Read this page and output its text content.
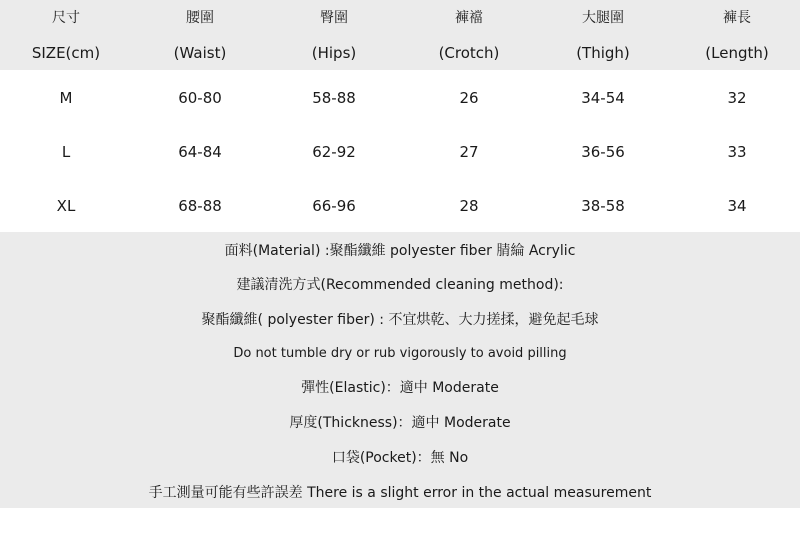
尺寸	腰圍	臀圍	褲襠	大腿圍	褲長
SIZE(cm)	(Waist)	(Hips)	(Crotch)	(Thigh)	(Length)
M	60-80	58-88	26	34-54	32
L	64-84	62-92	27	36-56	33
XL	68-88	66-96	28	38-58	34
面料(Material) :聚酯纖維 polyester fiber 腈綸 Acrylic
建議清洗方式(Recommended cleaning method):
聚酯纖維( polyester fiber) : 不宜烘乾、大力搓揉，避免起毛球
Do not tumble dry or rub vigorously to avoid pilling
彈性(Elastic)：適中 Moderate
厚度(Thickness)：適中 Moderate
口袋(Pocket)：無 No
手工測量可能有些許誤差 There is a slight error in the actual measurement
